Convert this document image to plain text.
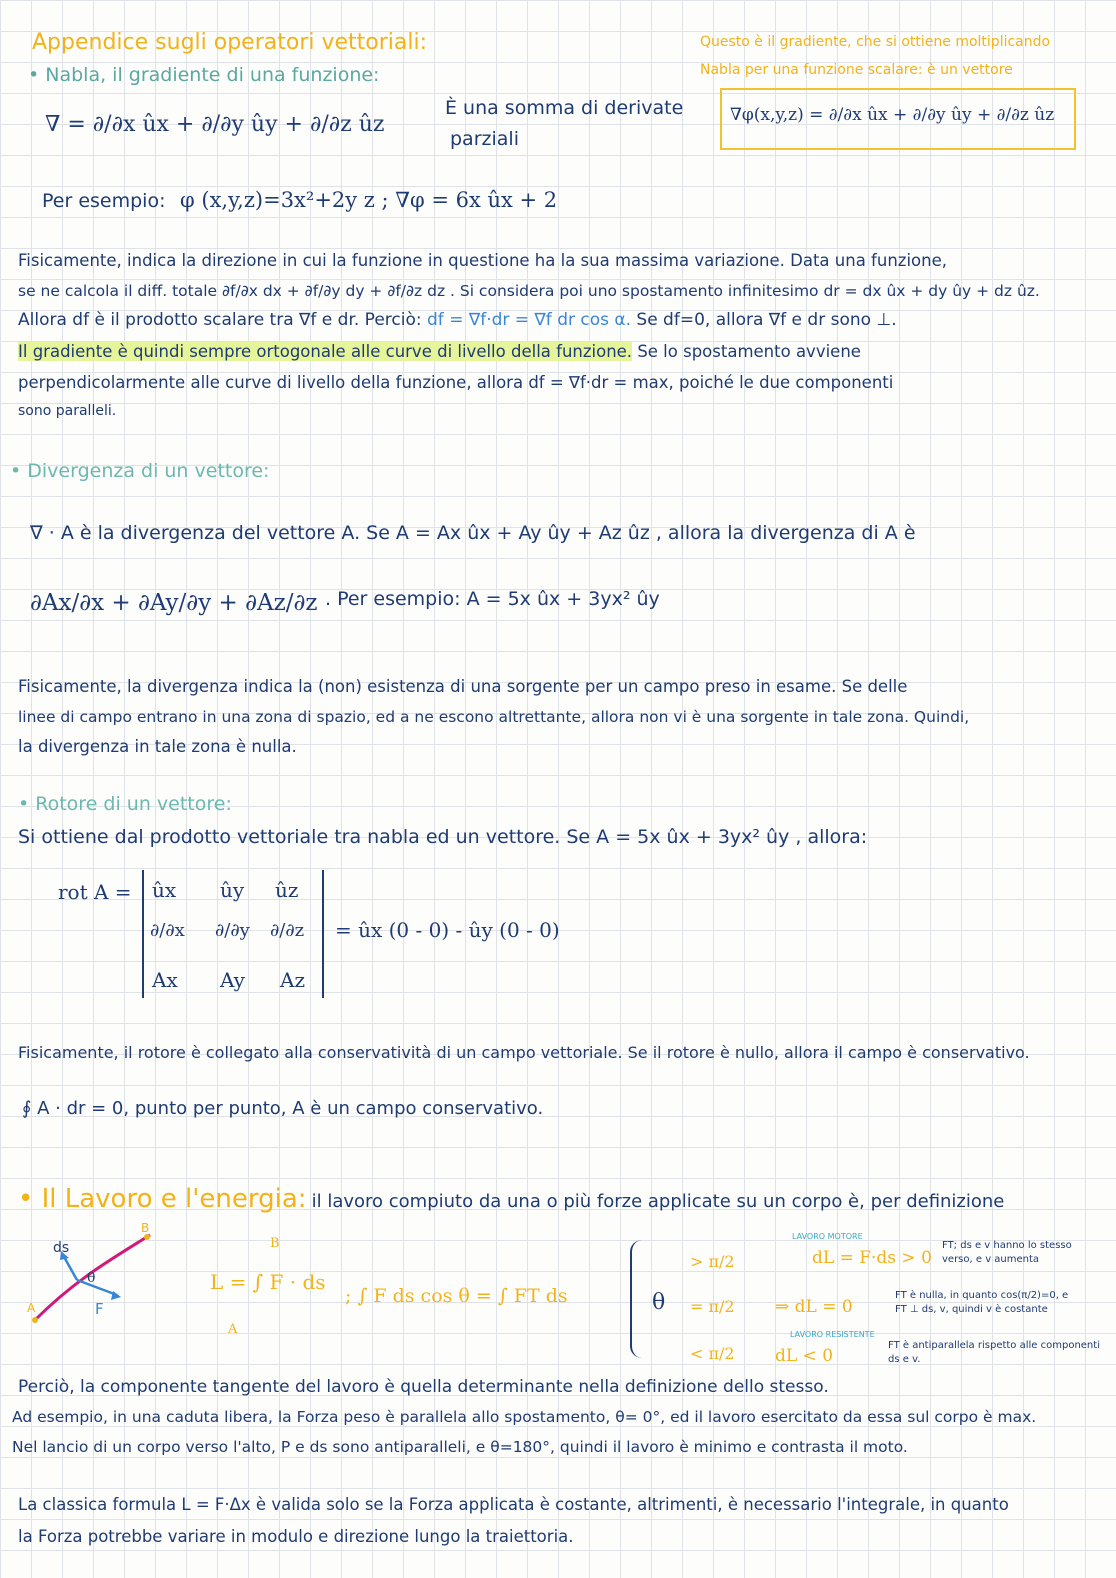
Appendice sugli operatori vettoriali:
• Nabla, il gradiente di una funzione:
Questo è il gradiente, che si ottiene moltiplicando
Nabla per una funzione scalare: è un vettore
∇ = ∂/∂x ûx + ∂/∂y ûy + ∂/∂z ûz
È una somma di derivate
parziali
∇φ(x,y,z) = ∂/∂x ûx + ∂/∂y ûy + ∂/∂z ûz
Per esempio: φ (x,y,z)=3x²+2y z ; ∇φ = 6x ûx + 2
Fisicamente, indica la direzione in cui la funzione in questione ha la sua massima variazione. Data una funzione,
se ne calcola il diff. totale ∂f/∂x dx + ∂f/∂y dy + ∂f/∂z dz . Si considera poi uno spostamento infinitesimo dr = dx ûx + dy ûy + dz ûz.
Allora df è il prodotto scalare tra ∇f e dr. Perciò: df = ∇f·dr = ∇f dr cos α. Se df=0, allora ∇f e dr sono ⊥.
Il gradiente è quindi sempre ortogonale alle curve di livello della funzione. Se lo spostamento avviene
perpendicolarmente alle curve di livello della funzione, allora df = ∇f·dr = max, poiché le due componenti
sono paralleli.
• Divergenza di un vettore:
∇ · A è la divergenza del vettore A. Se A = Ax ûx + Ay ûy + Az ûz , allora la divergenza di A è
∂Ax/∂x + ∂Ay/∂y + ∂Az/∂z . Per esempio: A = 5x ûx + 3yx² ûy
Fisicamente, la divergenza indica la (non) esistenza di una sorgente per un campo preso in esame. Se delle
linee di campo entrano in una zona di spazio, ed a ne escono altrettante, allora non vi è una sorgente in tale zona. Quindi,
la divergenza in tale zona è nulla.
• Rotore di un vettore:
Si ottiene dal prodotto vettoriale tra nabla ed un vettore. Se A = 5x ûx + 3yx² ûy , allora:
rot A = ûx ûy ûz
∂/∂x ∂/∂y ∂/∂z
Ax Ay Az
= ûx (0 - 0) - ûy (0 - 0)
Fisicamente, il rotore è collegato alla conservatività di un campo vettoriale. Se il rotore è nullo, allora il campo è conservativo.
∮ A · dr = 0, punto per punto, A è un campo conservativo.
• Il Lavoro e l'energia: il lavoro compiuto da una o più forze applicate su un corpo è, per definizione
ds
θ
F
A
B
L = ∫ F · ds
; ∫ F ds cos θ = ∫ FT ds
B
A
θ
> π/2
= π/2
< π/2
LAVORO MOTORE
dL = F·ds > 0
⇒ dL = 0
LAVORO RESISTENTE
dL < 0
FT; ds e v hanno lo stesso
verso, e v aumenta
FT è nulla, in quanto cos(π/2)=0, e
FT ⊥ ds, v, quindi v è costante
FT è antiparallela rispetto alle componenti
ds e v.
Perciò, la componente tangente del lavoro è quella determinante nella definizione dello stesso.
Ad esempio, in una caduta libera, la Forza peso è parallela allo spostamento, θ= 0°, ed il lavoro esercitato da essa sul corpo è max.
Nel lancio di un corpo verso l'alto, P e ds sono antiparalleli, e θ=180°, quindi il lavoro è minimo e contrasta il moto.
La classica formula L = F·Δx è valida solo se la Forza applicata è costante, altrimenti, è necessario l'integrale, in quanto
la Forza potrebbe variare in modulo e direzione lungo la traiettoria.
